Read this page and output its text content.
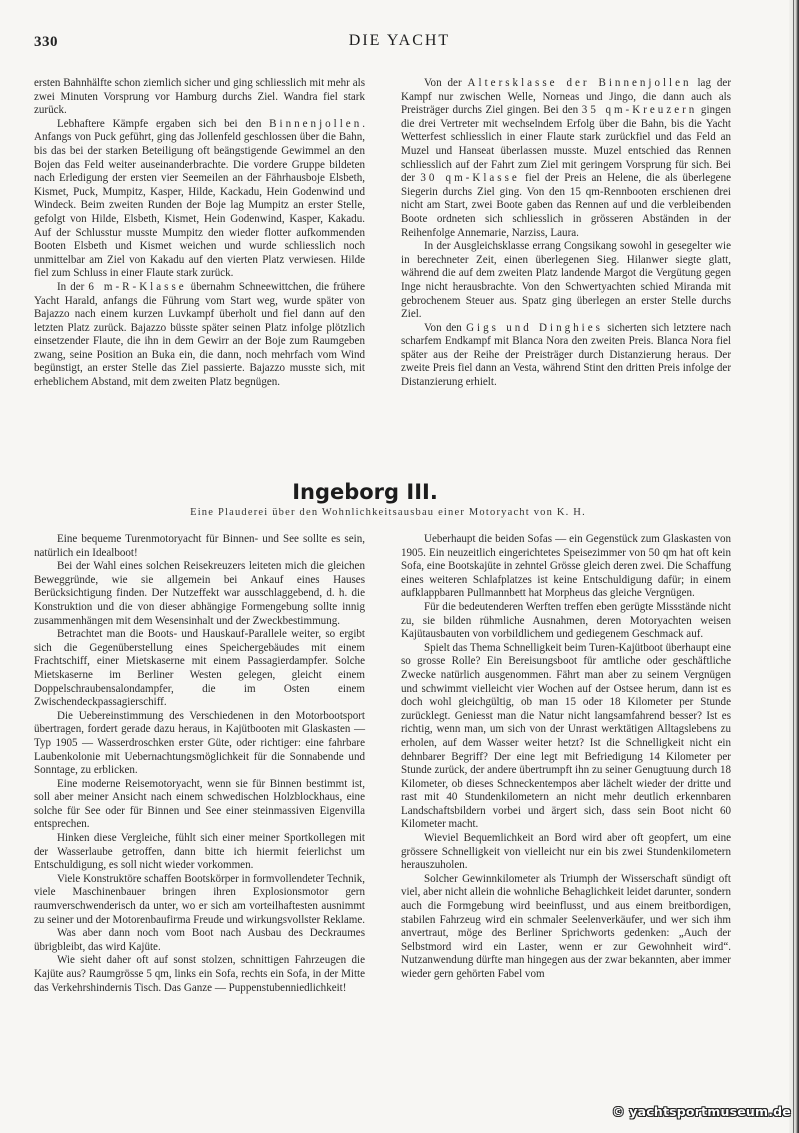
330	DIE YACHT

ersten Bahnhälfte schon ziemlich sicher und ging schliesslich mit mehr als zwei Minuten Vorsprung vor Hamburg durchs Ziel. Wandra fiel stark zurück.

Lebhaftere Kämpfe ergaben sich bei den Binnenjollen. Anfangs von Puck geführt, ging das Jollenfeld geschlossen über die Bahn, bis das bei der starken Beteiligung oft beängstigende Gewimmel an den Bojen das Feld weiter auseinanderbrachte. Die vordere Gruppe bildeten nach Erledigung der ersten vier Seemeilen an der Fährhausboje Elsbeth, Kismet, Puck, Mumpitz, Kasper, Hilde, Kackadu, Hein Godenwind und Windeck. Beim zweiten Runden der Boje lag Mumpitz an erster Stelle, gefolgt von Hilde, Elsbeth, Kismet, Hein Godenwind, Kasper, Kakadu. Auf der Schlusstur musste Mumpitz den wieder flotter aufkommenden Booten Elsbeth und Kismet weichen und wurde schliesslich noch unmittelbar am Ziel von Kakadu auf den vierten Platz verwiesen. Hilde fiel zum Schluss in einer Flaute stark zurück.

In der 6 m-R-Klasse übernahm Schneewittchen, die frühere Yacht Harald, anfangs die Führung vom Start weg, wurde später von Bajazzo nach einem kurzen Luvkampf überholt und fiel dann auf den letzten Platz zurück. Bajazzo büsste später seinen Platz infolge plötzlich einsetzender Flaute, die ihn in dem Gewirr an der Boje zum Raumgeben zwang, seine Position an Buka ein, die dann, noch mehrfach vom Wind begünstigt, an erster Stelle das Ziel passierte. Bajazzo musste sich, mit erheblichem Abstand, mit dem zweiten Platz begnügen.

Von der Altersklasse der Binnenjollen lag der Kampf nur zwischen Welle, Norneas und Jingo, die dann auch als Preisträger durchs Ziel gingen. Bei den 35 qm-Kreuzern gingen die drei Vertreter mit wechselndem Erfolg über die Bahn, bis die Yacht Wetterfest schliesslich in einer Flaute stark zurückfiel und das Feld an Muzel und Hanseat überlassen musste. Muzel entschied das Rennen schliesslich auf der Fahrt zum Ziel mit geringem Vorsprung für sich. Bei der 30 qm-Klasse fiel der Preis an Helene, die als überlegene Siegerin durchs Ziel ging. Von den 15 qm-Rennbooten erschienen drei nicht am Start, zwei Boote gaben das Rennen auf und die verbleibenden Boote ordneten sich schliesslich in grösseren Abständen in der Reihenfolge Annemarie, Narziss, Laura.

In der Ausgleichsklasse errang Congsikang sowohl in gesegelter wie in berechneter Zeit, einen überlegenen Sieg. Hilanwer siegte glatt, während die auf dem zweiten Platz landende Margot die Vergütung gegen Inge nicht herausbrachte. Von den Schwertyachten schied Miranda mit gebrochenem Steuer aus. Spatz ging überlegen an erster Stelle durchs Ziel.

Von den Gigs und Dinghies sicherten sich letztere nach scharfem Endkampf mit Blanca Nora den zweiten Preis. Blanca Nora fiel später aus der Reihe der Preisträger durch Distanzierung heraus. Der zweite Preis fiel dann an Vesta, während Stint den dritten Preis infolge der Distanzierung erhielt.

Ingeborg III.
Eine Plauderei über den Wohnlichkeitsausbau einer Motoryacht von K. H.

Eine bequeme Turenmotoryacht für Binnen- und See sollte es sein, natürlich ein Idealboot!

Bei der Wahl eines solchen Reisekreuzers leiteten mich die gleichen Beweggründe, wie sie allgemein bei Ankauf eines Hauses Berücksichtigung finden. Der Nutzeffekt war ausschlaggebend, d. h. die Konstruktion und die von dieser abhängige Formengebung sollte innig zusammenhängen mit dem Wesensinhalt und der Zweckbestimmung.

Betrachtet man die Boots- und Hauskauf-Parallele weiter, so ergibt sich die Gegenüberstellung eines Speichergebäudes mit einem Frachtschiff, einer Mietskaserne mit einem Passagierdampfer. Solche Mietskaserne im Berliner Westen gelegen, gleicht einem Doppelschraubensalondampfer, die im Osten einem Zwischendeckpassagierschiff.

Die Uebereinstimmung des Verschiedenen in den Motorbootsport übertragen, fordert gerade dazu heraus, in Kajütbooten mit Glaskasten — Typ 1905 — Wasserdroschken erster Güte, oder richtiger: eine fahrbare Laubenkolonie mit Uebernachtungsmöglichkeit für die Sonnabende und Sonntage, zu erblicken.

Eine moderne Reisemotoryacht, wenn sie für Binnen bestimmt ist, soll aber meiner Ansicht nach einem schwedischen Holzblockhaus, eine solche für See oder für Binnen und See einer steinmassiven Eigenvilla entsprechen.

Hinken diese Vergleiche, fühlt sich einer meiner Sportkollegen mit der Wasserlaube getroffen, dann bitte ich hiermit feierlichst um Entschuldigung, es soll nicht wieder vorkommen.

Viele Konstruktöre schaffen Bootskörper in formvollendeter Technik, viele Maschinenbauer bringen ihren Explosionsmotor gern raumverschwenderisch da unter, wo er sich am vorteilhaftesten ausnimmt zu seiner und der Motorenbaufirma Freude und wirkungsvollster Reklame.

Was aber dann noch vom Boot nach Ausbau des Deckraumes übrigbleibt, das wird Kajüte.

Wie sieht daher oft auf sonst stolzen, schnittigen Fahrzeugen die Kajüte aus? Raumgrösse 5 qm, links ein Sofa, rechts ein Sofa, in der Mitte das Verkehrshindernis Tisch. Das Ganze — Puppenstubenniedlichkeit!

Ueberhaupt die beiden Sofas — ein Gegenstück zum Glaskasten von 1905. Ein neuzeitlich eingerichtetes Speisezimmer von 50 qm hat oft kein Sofa, eine Bootskajüte in zehntel Grösse gleich deren zwei. Die Schaffung eines weiteren Schlafplatzes ist keine Entschuldigung dafür; in einem aufklappbaren Pullmannbett hat Morpheus das gleiche Vergnügen.

Für die bedeutenderen Werften treffen eben gerügte Missstände nicht zu, sie bilden rühmliche Ausnahmen, deren Motoryachten weisen Kajütausbauten von vorbildlichem und gediegenem Geschmack auf.

Spielt das Thema Schnelligkeit beim Turen-Kajütboot überhaupt eine so grosse Rolle? Ein Bereisungsboot für amtliche oder geschäftliche Zwecke natürlich ausgenommen. Fährt man aber zu seinem Vergnügen und schwimmt vielleicht vier Wochen auf der Ostsee herum, dann ist es doch wohl gleichgültig, ob man 15 oder 18 Kilometer per Stunde zurücklegt. Geniesst man die Natur nicht langsamfahrend besser? Ist es richtig, wenn man, um sich von der Unrast werktätigen Alltagslebens zu erholen, auf dem Wasser weiter hetzt? Ist die Schnelligkeit nicht ein dehnbarer Begriff? Der eine legt mit Befriedigung 14 Kilometer per Stunde zurück, der andere übertrumpft ihn zu seiner Genugtuung durch 18 Kilometer, ob dieses Schneckentempos aber lächelt wieder der dritte und rast mit 40 Stundenkilometern an nicht mehr deutlich erkennbaren Landschaftsbildern vorbei und ärgert sich, dass sein Boot nicht 60 Kilometer macht.

Wieviel Bequemlichkeit an Bord wird aber oft geopfert, um eine grössere Schnelligkeit von vielleicht nur ein bis zwei Stundenkilometern herauszuholen.

Solcher Gewinnkilometer als Triumph der Wisserschaft sündigt oft viel, aber nicht allein die wohnliche Behaglichkeit leidet darunter, sondern auch die Formgebung wird beeinflusst, und aus einem breitbordigen, stabilen Fahrzeug wird ein schmaler Seelenverkäufer, und wer sich ihm anvertraut, möge des Berliner Sprichworts gedenken: „Auch der Selbstmord wird ein Laster, wenn er zur Gewohnheit wird“. Nutzanwendung dürfte man hingegen aus der zwar bekannten, aber immer wieder gern gehörten Fabel vom

© yachtsportmuseum.de
